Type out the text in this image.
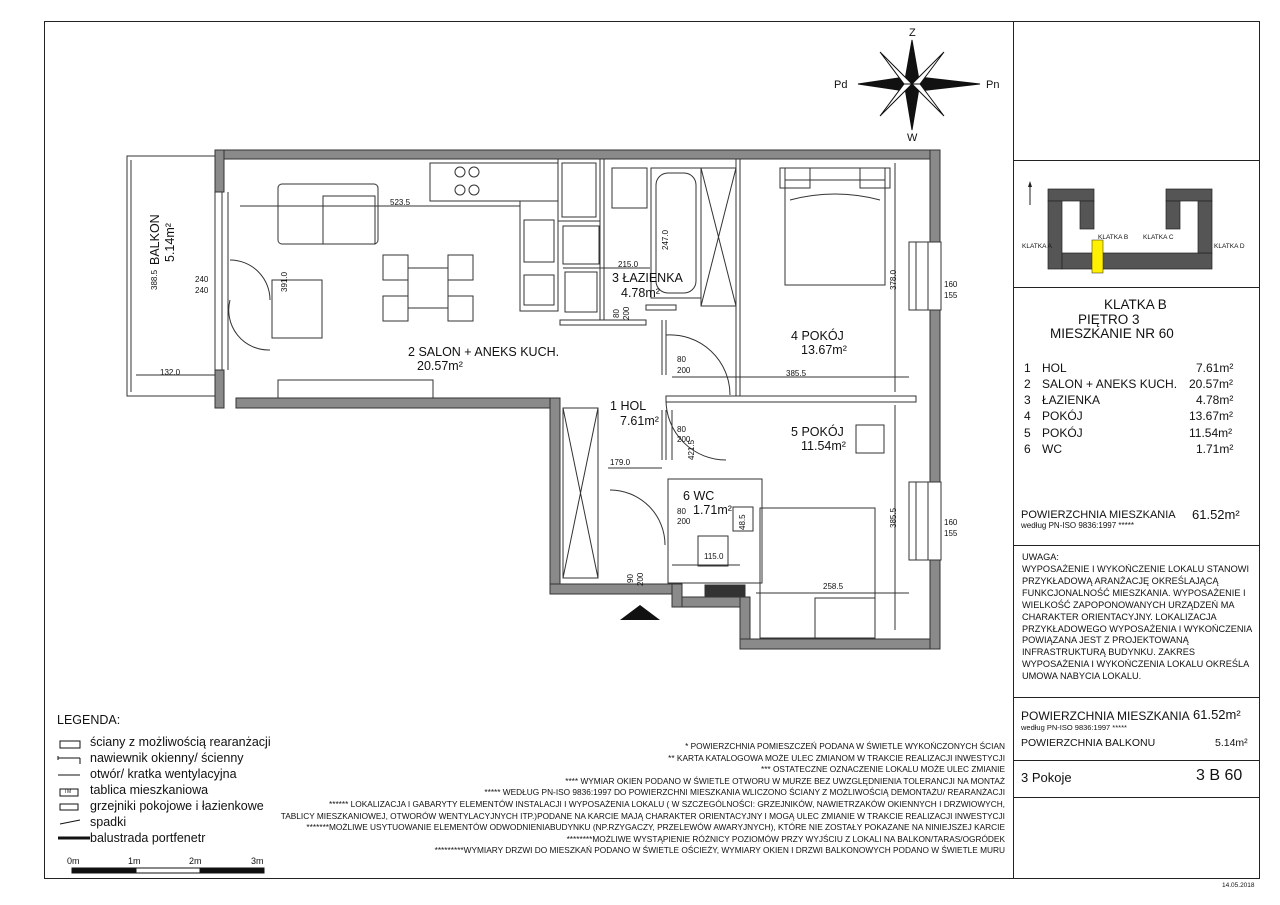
Z
W
Pd	Pn
2 SALON + ANEKS KUCH.
20.57m²
3 ŁAZIENKA
4.78m²
4 POKÓJ
13.67m²
1 HOL
7.61m²
5 POKÓJ
11.54m²
6 WC
1.71m²
BALKON 5.14m²
523.5
391.0
240
240
388.5
132.0
215.0
247.0
80 200
378.0	160
155
80
200	385.5
80
200
421.5
179.0
80
200	48.5
115.0
90 200
258.5
160
155
385.5
KLATKA A
KLATKA B KLATKA C
KLATKA D
KLATKA B
PIĘTRO 3
MIESZKANIE NR 60
1 HOL	7.61m²
2 SALON + ANEKS KUCH. 20.57m²
3 ŁAZIENKA	4.78m²
4 POKÓJ	13.67m²
5 POKÓJ	11.54m²
6 WC	1.71m²
POWIERZCHNIA MIESZKANIA
według PN-ISO 9836:1997 *****
61.52m²
UWAGA:
WYPOSAŻENIE I WYKOŃCZENIE LOKALU STANOWI PRZYKŁADOWĄ ARANŻACJĘ OKREŚLAJĄCĄ FUNKCJONALNOŚĆ MIESZKANIA. WYPOSAŻENIE I WIELKOŚĆ ZAPOPONOWANYCH URZĄDZEŃ MA CHARAKTER ORIENTACYJNY. LOKALIZACJA PRZYKŁADOWEGO WYPOSAŻENIA I WYKOŃCZENIA POWIĄZANA JEST Z PROJEKTOWANĄ INFRASTRUKTURĄ BUDYNKU. ZAKRES WYPOSAŻENIA I WYKOŃCZENIA LOKALU OKREŚLA UMOWA NABYCIA LOKALU.
POWIERZCHNIA MIESZKANIA
według PN-ISO 9836:1997 *****
61.52m²
POWIERZCHNIA BALKONU	5.14m²
3 Pokoje	3 B 60
14.05.2018
LEGENDA:
ściany z możliwością rearanżacji
nawiewnik okienny/ ścienny
otwór/ kratka wentylacyjna
tablica mieszkaniowa
grzejniki pokojowe i łazienkowe
spadki
balustrada portfenetr
TM
0m	1m	2m	3m
* POWIERZCHNIA POMIESZCZEŃ PODANA W ŚWIETLE WYKOŃCZONYCH ŚCIAN
** KARTA KATALOGOWA MOŻE ULEC ZMIANOM W TRAKCIE REALIZACJI INWESTYCJI
*** OSTATECZNE OZNACZENIE LOKALU MOŻE ULEC ZMIANIE
**** WYMIAR OKIEN PODANO W ŚWIETLE OTWORU W MURZE BEZ UWZGLĘDNIENIA TOLERANCJI NA MONTAŻ
***** WEDŁUG PN-ISO 9836:1997 DO POWIERZCHNI MIESZKANIA WLICZONO ŚCIANY Z MOŻLIWOŚCIĄ DEMONTAŻU/ REARANŻACJI
****** LOKALIZACJA I GABARYTY ELEMENTÓW INSTALACJI I WYPOSAŻENIA LOKALU ( W SZCZEGÓLNOŚCI: GRZEJNIKÓW, NAWIETRZAKÓW OKIENNYCH I DRZWIOWYCH,
TABLICY MIESZKANIOWEJ, OTWORÓW WENTYLACYJNYCH ITP.)PODANE NA KARCIE MAJĄ CHARAKTER ORIENTACYJNY I MOGĄ ULEC ZMIANIE W TRAKCIE REALIZACJI INWESTYCJI
*******MOŻLIWE USYTUOWANIE ELEMENTÓW ODWODNIENIABUDYNKU (NP.RZYGACZY, PRZELEWÓW AWARYJNYCH), KTÓRE NIE ZOSTAŁY POKAZANE NA NINIEJSZEJ KARCIE
********MOŻLIWE WYSTĄPIENIE RÓŻNICY POZIOMÓW PRZY WYJŚCIU Z LOKALI NA BALKON/TARAS/OGRÓDEK
*********WYMIARY DRZWI DO MIESZKAŃ PODANO W ŚWIETLE OŚCIEŻY, WYMIARY OKIEN I DRZWI BALKONOWYCH PODANO W ŚWIETLE MURU
